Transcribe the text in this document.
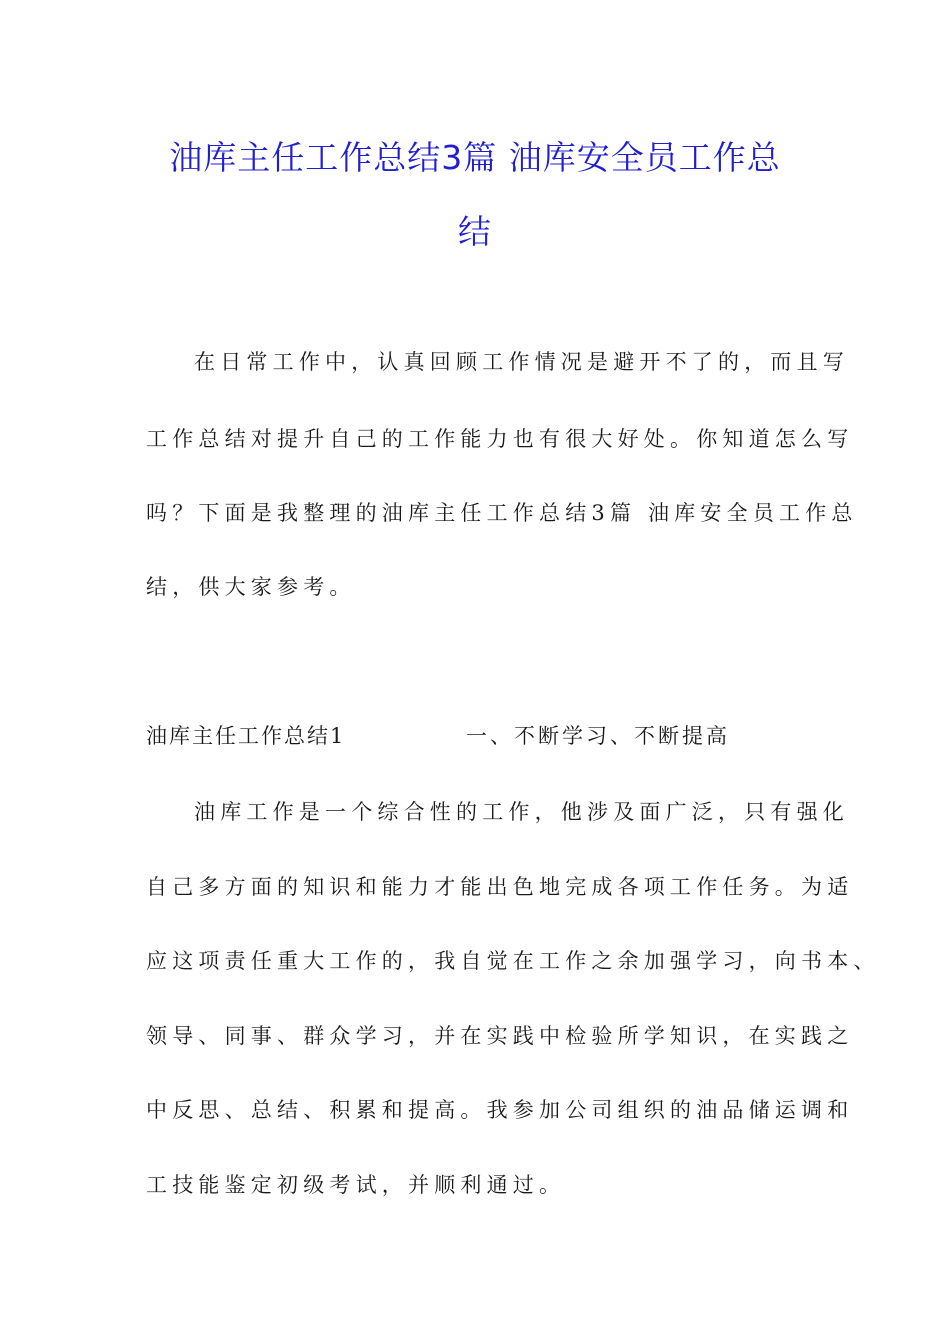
油库主任工作总结3篇 油库安全员工作总
结
在日常工作中，认真回顾工作情况是避开不了的，而且写
工作总结对提升自己的工作能力也有很大好处。你知道怎么写
吗？下面是我整理的油库主任工作总结3篇 油库安全员工作总
结，供大家参考。
油库主任工作总结1	一、不断学习、不断提高
油库工作是一个综合性的工作，他涉及面广泛，只有强化
自己多方面的知识和能力才能出色地完成各项工作任务。为适
应这项责任重大工作的，我自觉在工作之余加强学习，向书本、
领导、同事、群众学习，并在实践中检验所学知识，在实践之
中反思、总结、积累和提高。我参加公司组织的油品储运调和
工技能鉴定初级考试，并顺利通过。
